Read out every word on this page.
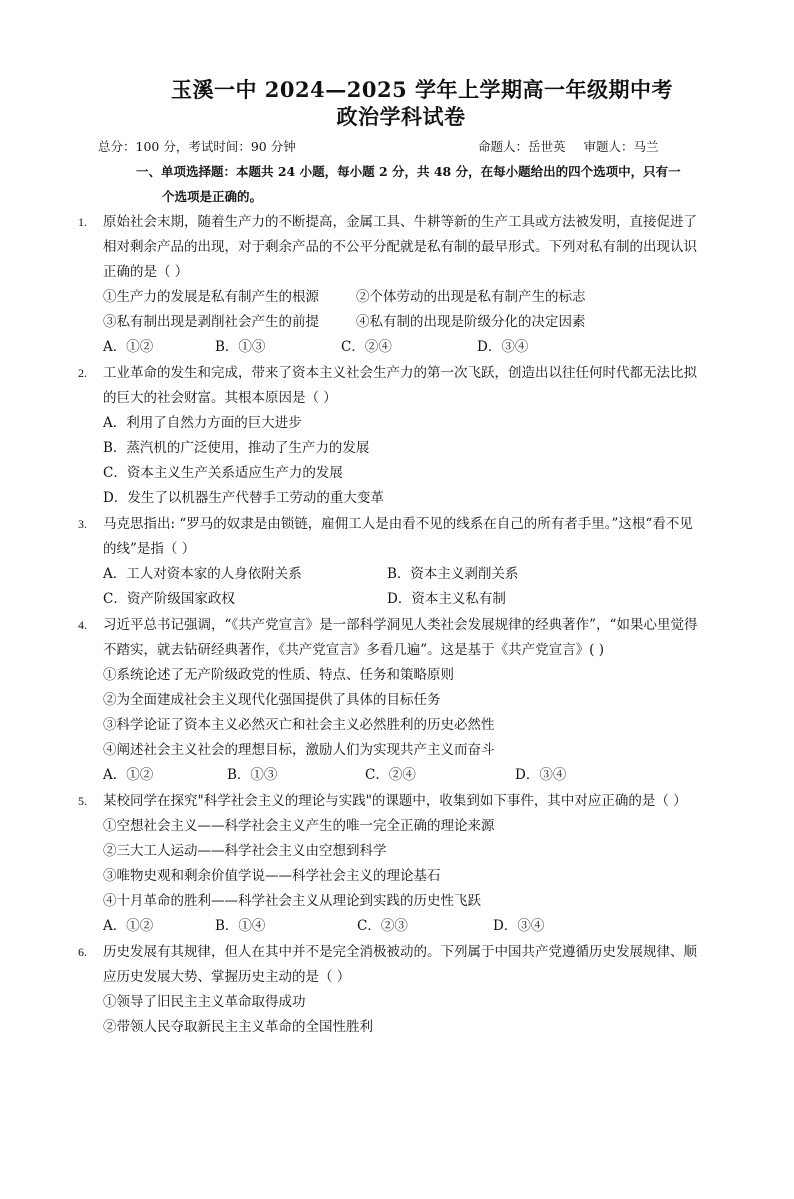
玉溪一中 2024—2025 学年上学期高一年级期中考
政治学科试卷
总分：100 分，考试时间：90 分钟	命题人：岳世英 审题人：马兰
一、单项选择题：本题共 24 小题，每小题 2 分，共 48 分，在每小题给出的四个选项中，只有一
个选项是正确的。
1. 原始社会末期，随着生产力的不断提高，金属工具、牛耕等新的生产工具或方法被发明，直接促进了
相对剩余产品的出现，对于剩余产品的不公平分配就是私有制的最早形式。下列对私有制的出现认识
正确的是（ ）
①生产力的发展是私有制产生的根源	②个体劳动的出现是私有制产生的标志
③私有制出现是剥削社会产生的前提	④私有制的出现是阶级分化的决定因素
A．①②	B．①③	C．②④	D．③④
2. 工业革命的发生和完成，带来了资本主义社会生产力的第一次飞跃，创造出以往任何时代都无法比拟
的巨大的社会财富。其根本原因是（ ）
A．利用了自然力方面的巨大进步
B．蒸汽机的广泛使用，推动了生产力的发展
C．资本主义生产关系适应生产力的发展
D．发生了以机器生产代替手工劳动的重大变革
3. 马克思指出: “罗马的奴隶是由锁链，雇佣工人是由看不见的线系在自己的所有者手里。”这根“看不见
的线”是指（ ）
A．工人对资本家的人身依附关系	B．资本主义剥削关系
C．资产阶级国家政权	D．资本主义私有制
4. 习近平总书记强调，“《共产党宣言》是一部科学洞见人类社会发展规律的经典著作”，“如果心里觉得
不踏实，就去钻研经典著作，《共产党宣言》多看几遍”。这是基于《共产党宣言》( )
①系统论述了无产阶级政党的性质、特点、任务和策略原则
②为全面建成社会主义现代化强国提供了具体的目标任务
③科学论证了资本主义必然灭亡和社会主义必然胜利的历史必然性
④阐述社会主义社会的理想目标，激励人们为实现共产主义而奋斗
A．①②	B．①③	C．②④	D．③④
5. 某校同学在探究"科学社会主义的理论与实践"的课题中，收集到如下事件，其中对应正确的是（ ）
①空想社会主义——科学社会主义产生的唯一完全正确的理论来源
②三大工人运动——科学社会主义由空想到科学
③唯物史观和剩余价值学说——科学社会主义的理论基石
④十月革命的胜利——科学社会主义从理论到实践的历史性飞跃
A．①②	B．①④	C．②③	D．③④
6. 历史发展有其规律，但人在其中并不是完全消极被动的。下列属于中国共产党遵循历史发展规律、顺
应历史发展大势、掌握历史主动的是（ ）
①领导了旧民主主义革命取得成功
②带领人民夺取新民主主义革命的全国性胜利
